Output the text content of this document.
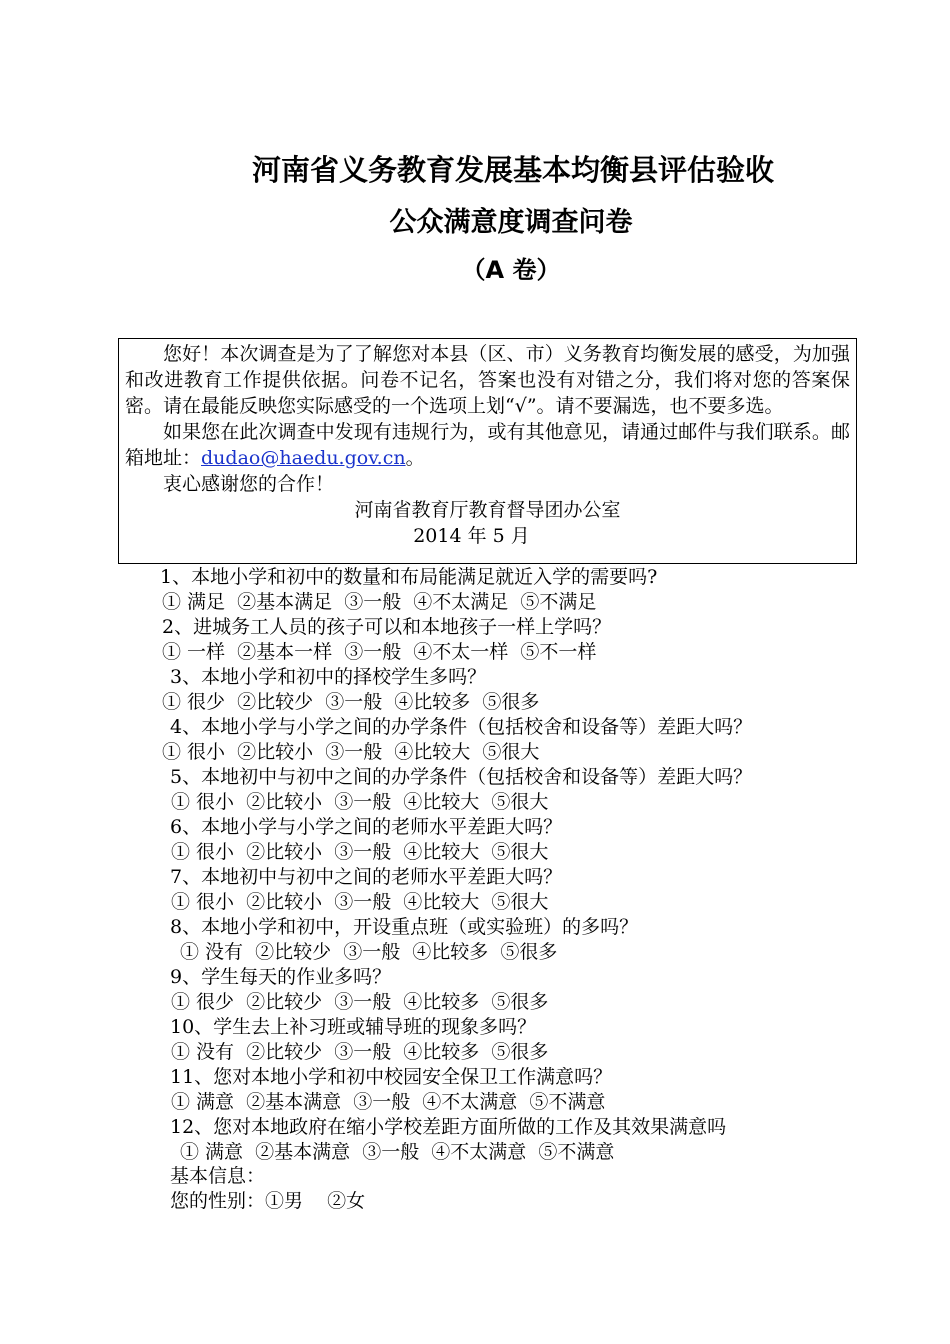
河南省义务教育发展基本均衡县评估验收
公众满意度调查问卷
（A 卷）

您好！本次调查是为了了解您对本县（区、市）义务教育均衡发展的感受，为加强和改进教育工作提供依据。问卷不记名，答案也没有对错之分，我们将对您的答案保密。请在最能反映您实际感受的一个选项上划“√”。请不要漏选，也不要多选。

如果您在此次调查中发现有违规行为，或有其他意见，请通过邮件与我们联系。邮箱地址：dudao@haedu.gov.cn。

衷心感谢您的合作！

河南省教育厅教育督导团办公室

2014 年 5 月

1、本地小学和初中的数量和布局能满足就近入学的需要吗?
① 满足  ②基本满足  ③一般  ④不太满足  ⑤不满足
2、进城务工人员的孩子可以和本地孩子一样上学吗？
① 一样  ②基本一样  ③一般  ④不太一样  ⑤不一样
3、本地小学和初中的择校学生多吗？
① 很少  ②比较少  ③一般  ④比较多  ⑤很多
4、本地小学与小学之间的办学条件（包括校舍和设备等）差距大吗？
① 很小  ②比较小  ③一般  ④比较大  ⑤很大
5、本地初中与初中之间的办学条件（包括校舍和设备等）差距大吗？
① 很小  ②比较小  ③一般  ④比较大  ⑤很大
6、本地小学与小学之间的老师水平差距大吗？
① 很小  ②比较小  ③一般  ④比较大  ⑤很大
7、本地初中与初中之间的老师水平差距大吗？
① 很小  ②比较小  ③一般  ④比较大  ⑤很大
8、本地小学和初中，开设重点班（或实验班）的多吗？
① 没有  ②比较少  ③一般  ④比较多  ⑤很多
9、学生每天的作业多吗？
① 很少  ②比较少  ③一般  ④比较多  ⑤很多
10、学生去上补习班或辅导班的现象多吗？
① 没有  ②比较少  ③一般  ④比较多  ⑤很多
11、您对本地小学和初中校园安全保卫工作满意吗？
① 满意  ②基本满意  ③一般  ④不太满意  ⑤不满意
12、您对本地政府在缩小学校差距方面所做的工作及其效果满意吗
① 满意  ②基本满意  ③一般  ④不太满意  ⑤不满意
基本信息：
您的性别：①男    ②女
